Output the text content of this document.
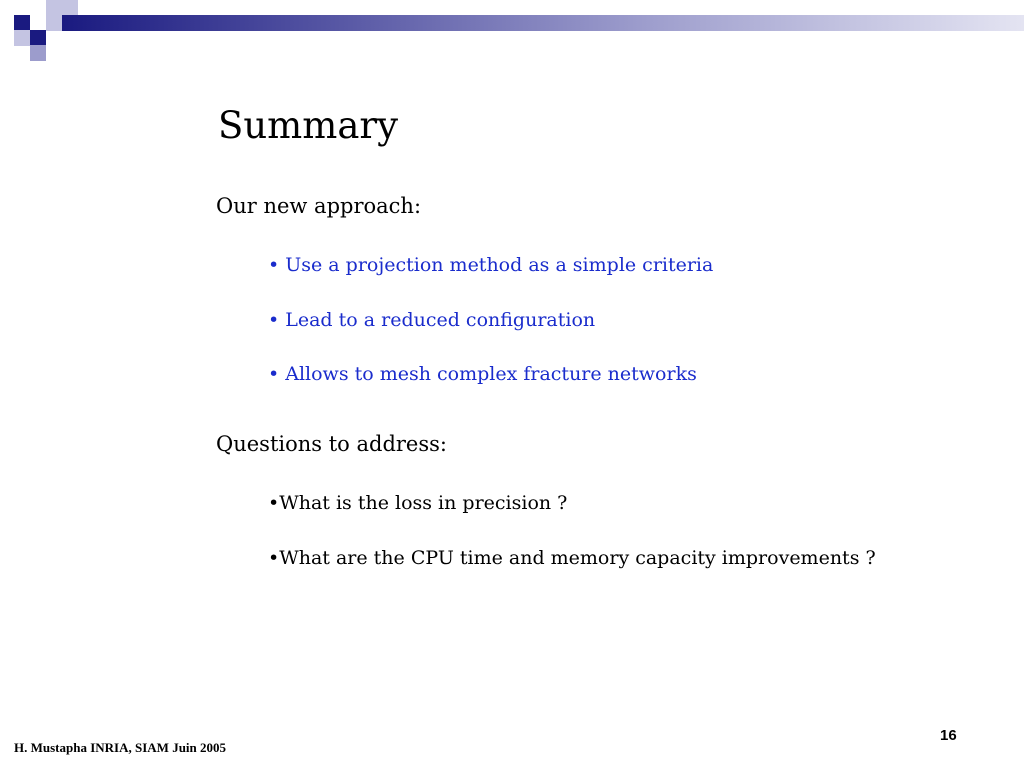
Summary
Our new approach:
• Use a projection method as a simple criteria
• Lead to a reduced configuration
• Allows to mesh complex fracture networks
Questions to address:
•What is the loss in precision ?
•What are the CPU time and memory capacity improvements ?
H. Mustapha INRIA, SIAM Juin 2005
16
